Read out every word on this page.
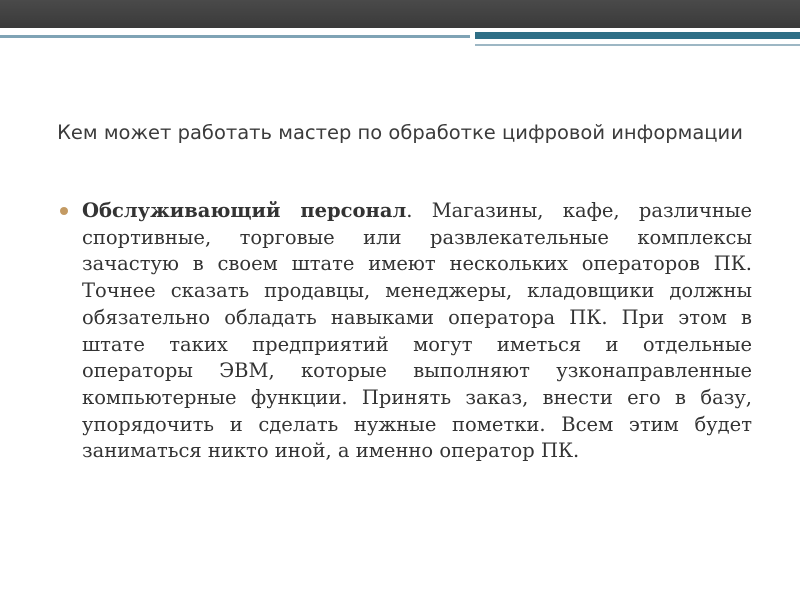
Кем может работать мастер по обработке цифровой информации

Обслуживающий персонал. Магазины, кафе, различные спортивные, торговые или развлекательные комплексы зачастую в своем штате имеют нескольких операторов ПК. Точнее сказать продавцы, менеджеры, кладовщики должны обязательно обладать навыками оператора ПК. При этом в штате таких предприятий могут иметься и отдельные операторы ЭВМ, которые выполняют узконаправленные компьютерные функции. Принять заказ, внести его в базу, упорядочить и сделать нужные пометки. Всем этим будет заниматься никто иной, а именно оператор ПК.
